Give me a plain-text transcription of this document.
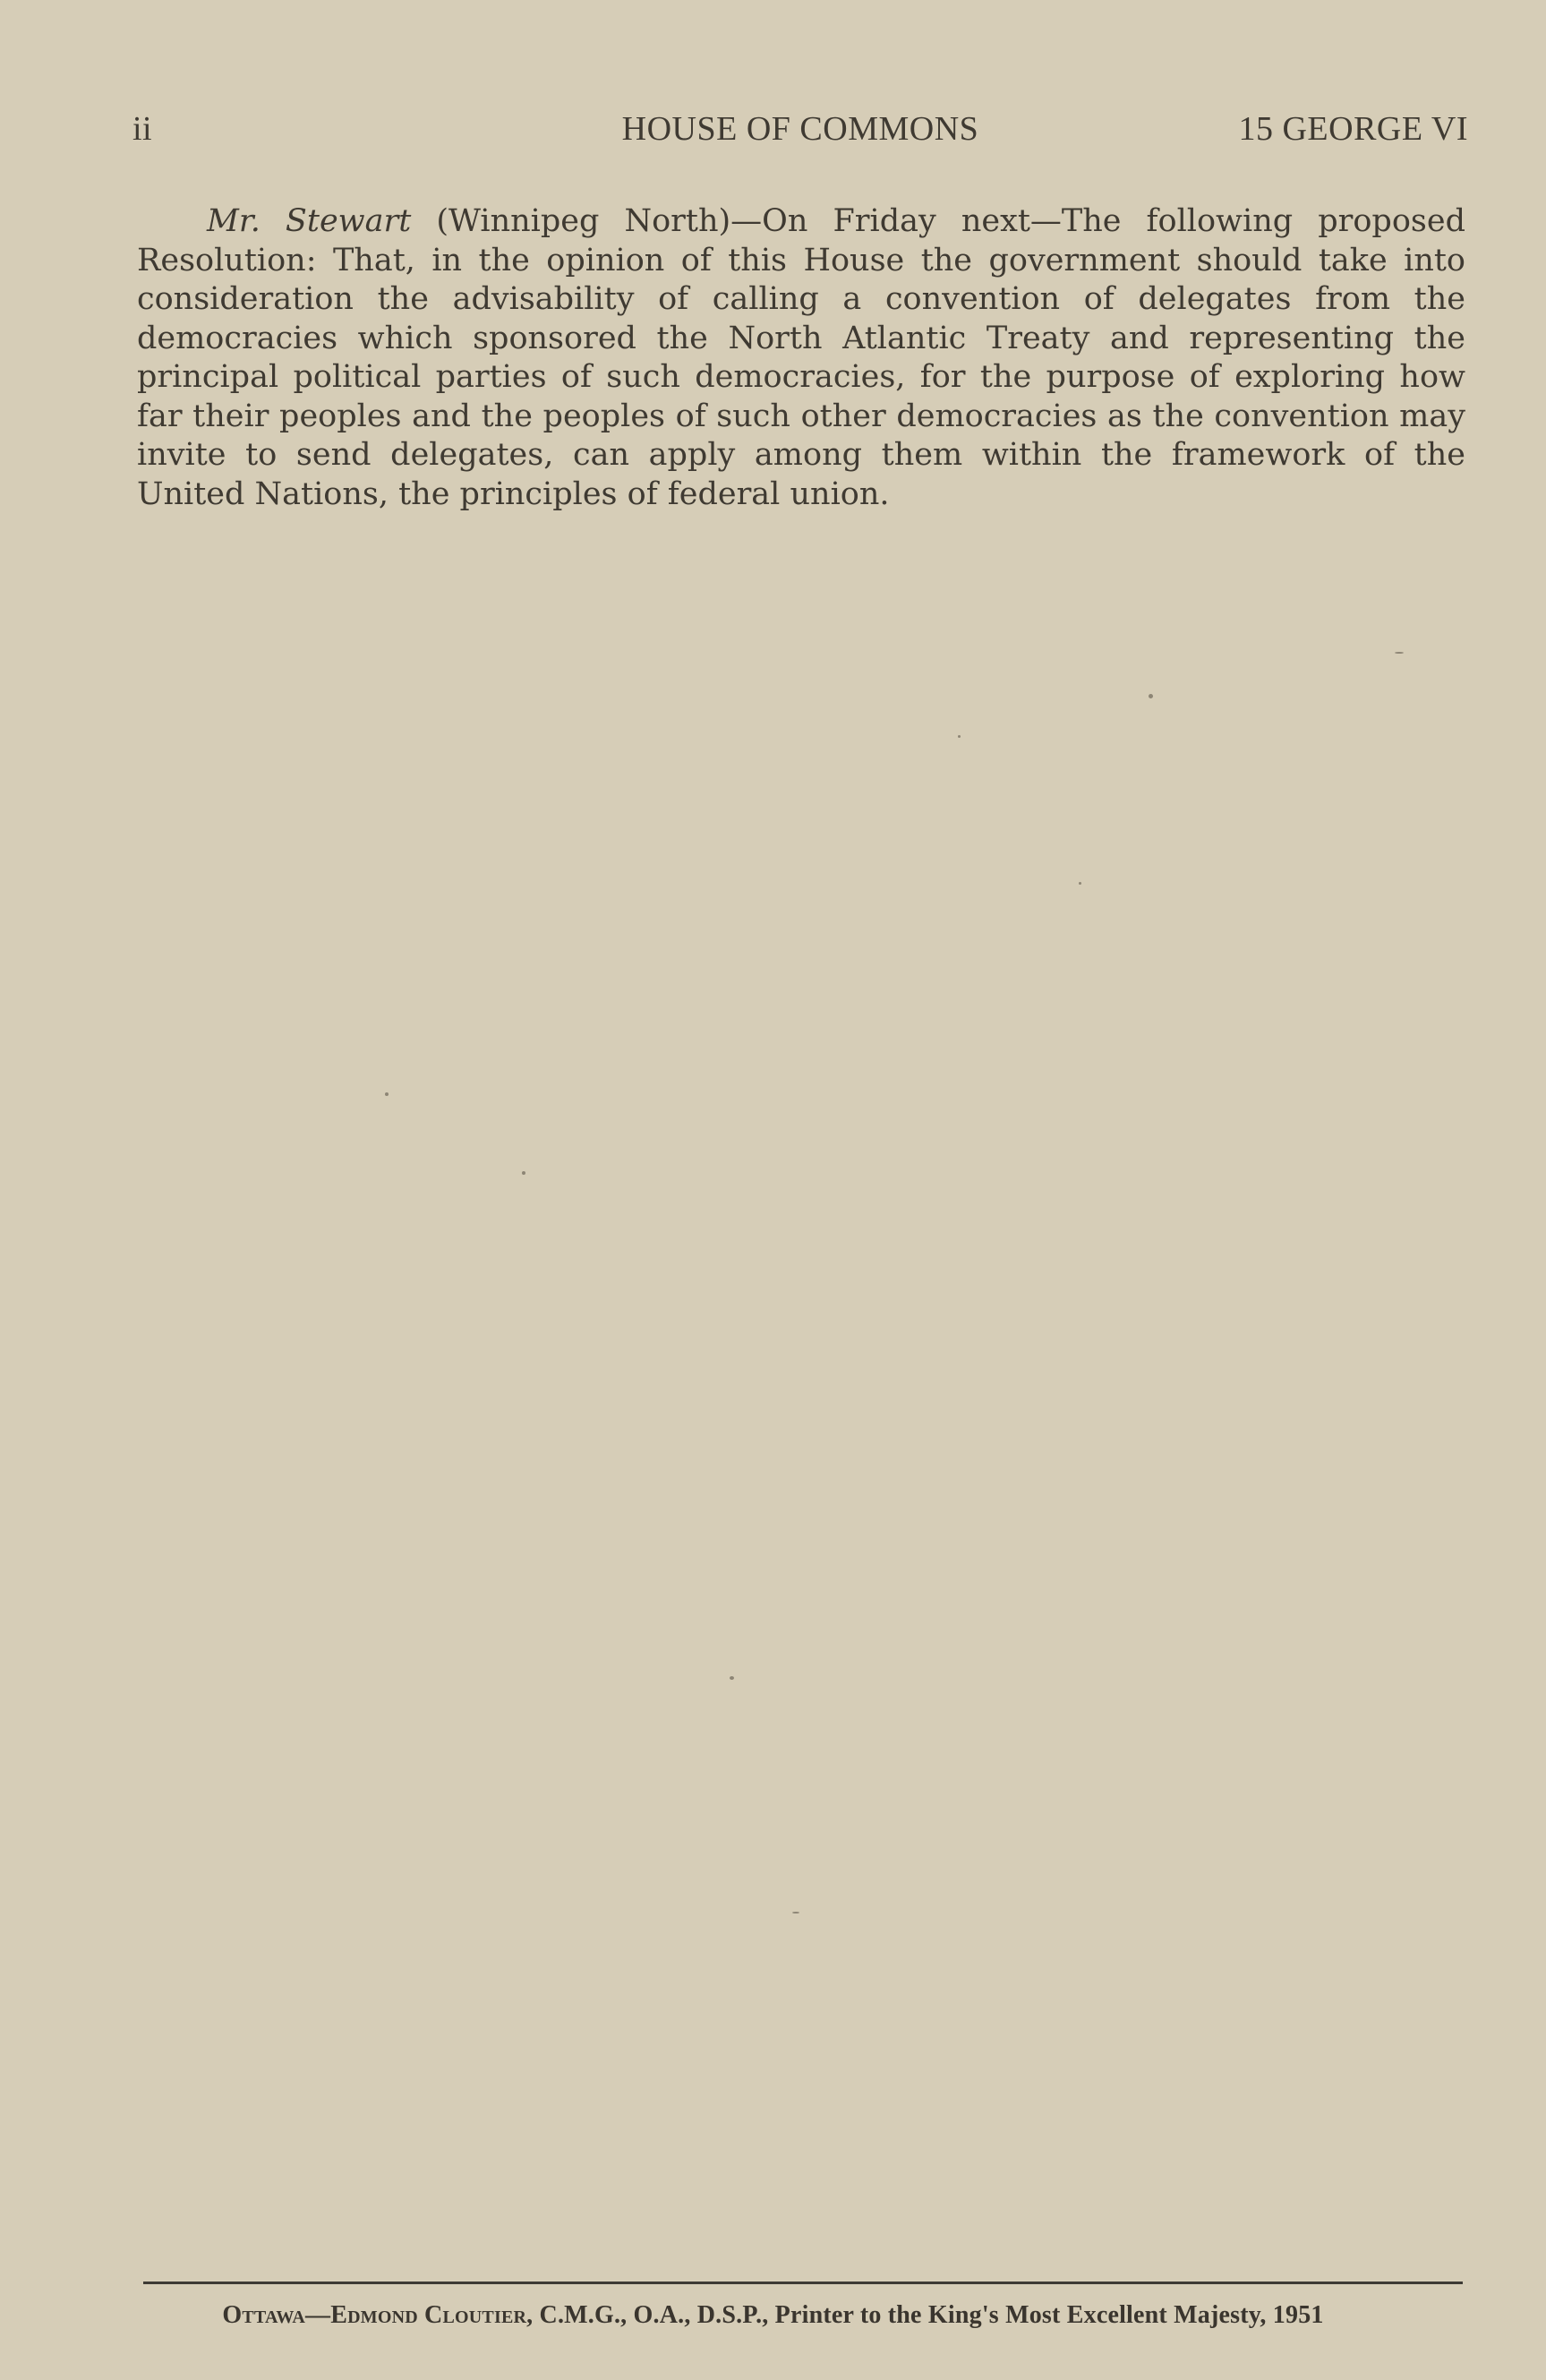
ii	HOUSE OF COMMONS	15 GEORGE VI
Mr. Stewart (Winnipeg North)—On Friday next—The following proposed Resolution: That, in the opinion of this House the government should take into consideration the advisability of calling a convention of delegates from the democracies which sponsored the North Atlantic Treaty and representing the principal political parties of such democracies, for the purpose of exploring how far their peoples and the peoples of such other democracies as the convention may invite to send delegates, can apply among them within the framework of the United Nations, the principles of federal union.
Ottawa—Edmond Cloutier, C.M.G., O.A., D.S.P., Printer to the King's Most Excellent Majesty, 1951
